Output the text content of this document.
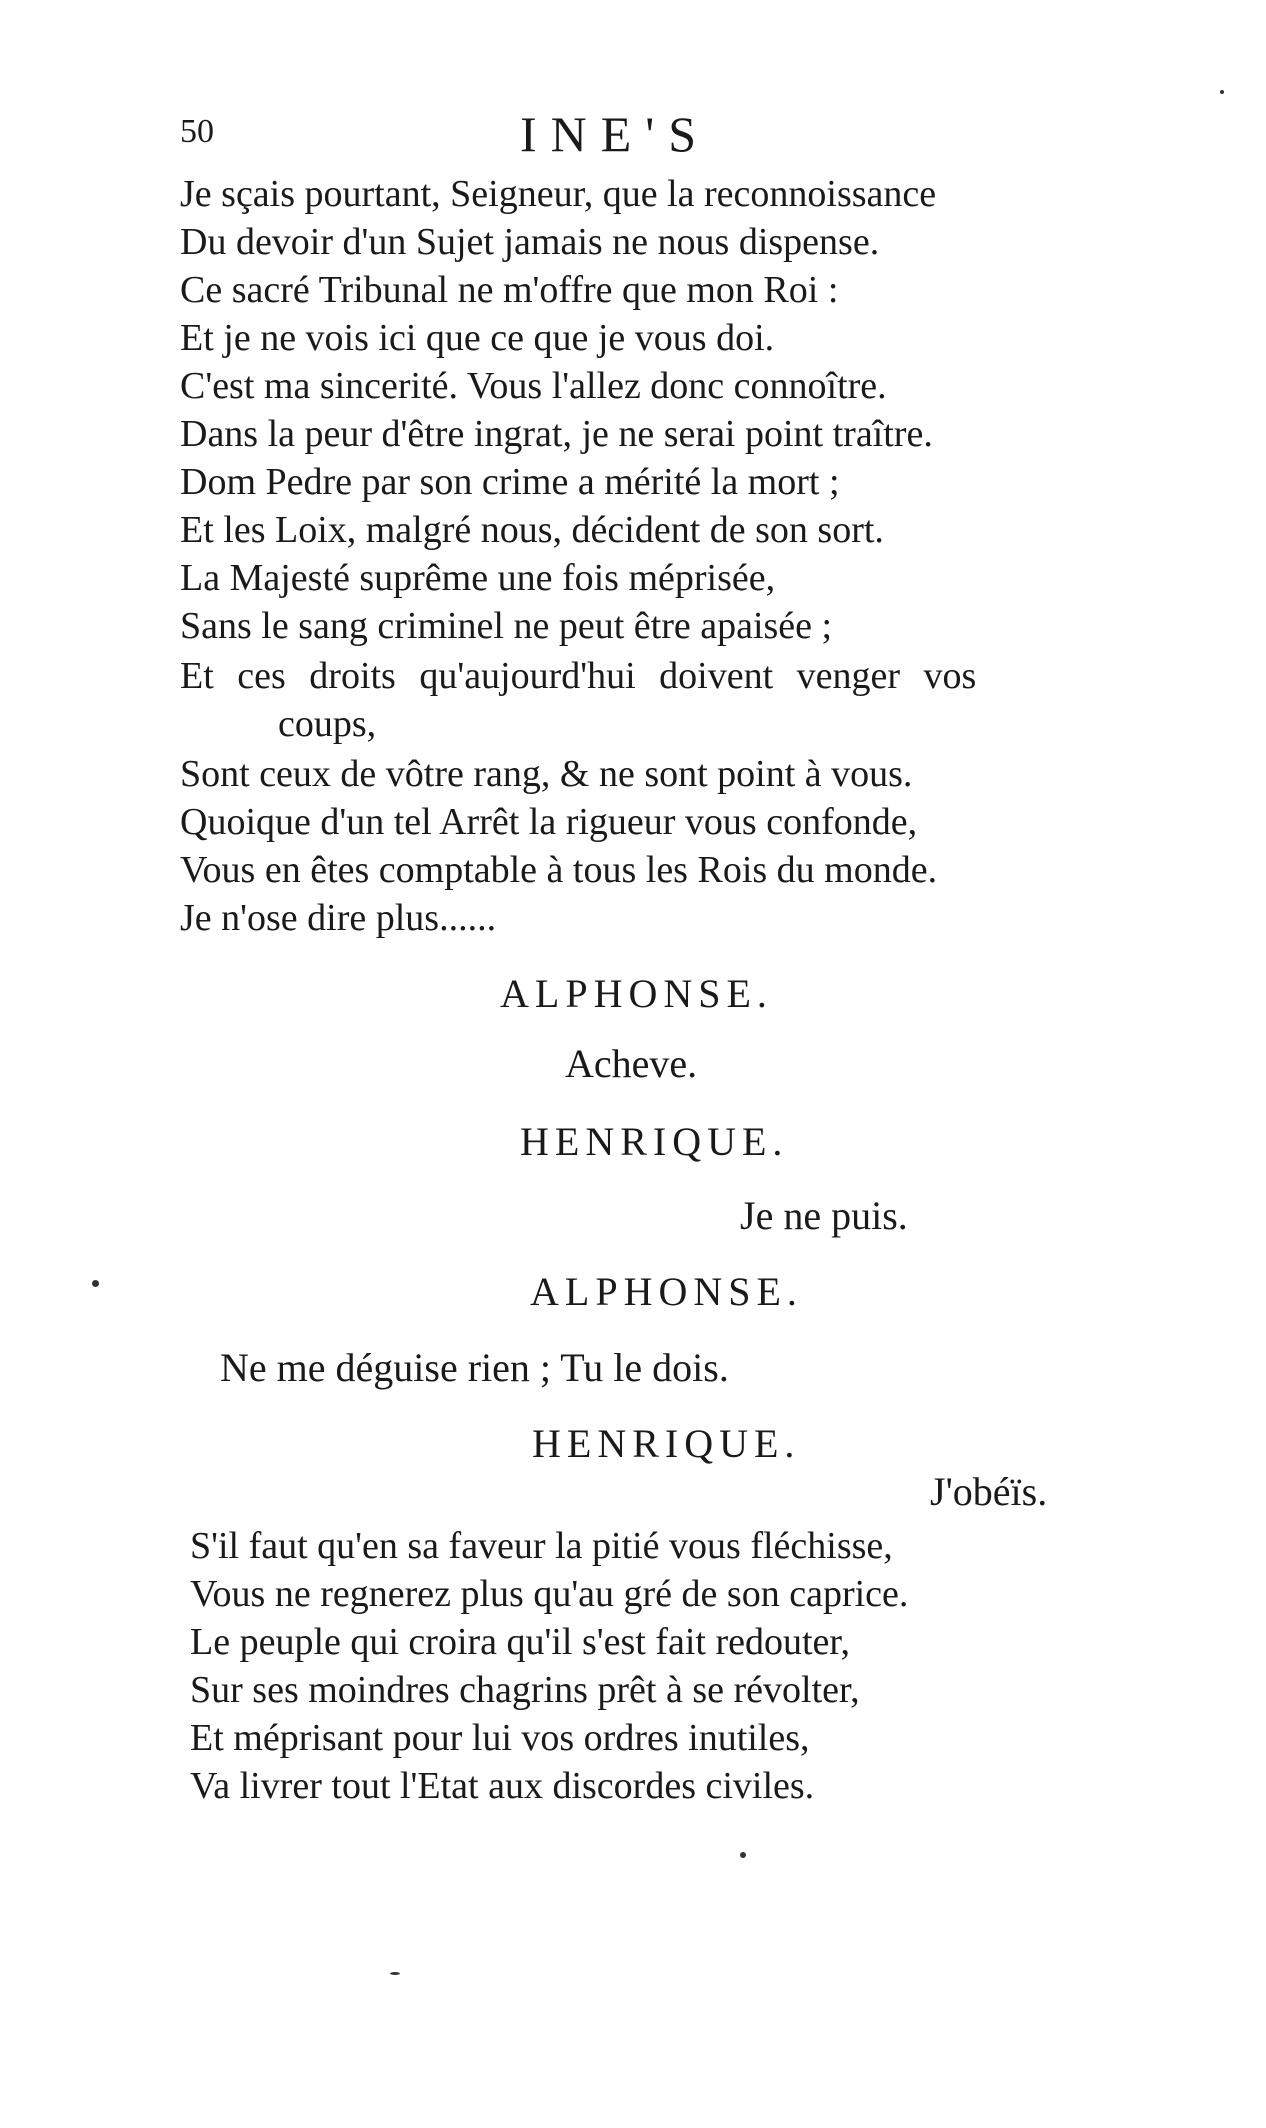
50	INE'S
Je sçais pourtant, Seigneur, que la reconnoissance
Du devoir d'un Sujet jamais ne nous dispense.
Ce sacré Tribunal ne m'offre que mon Roi :
Et je ne vois ici que ce que je vous doi.
C'est ma sincerité. Vous l'allez donc connoître.
Dans la peur d'être ingrat, je ne serai point traître.
Dom Pedre par son crime a mérité la mort ;
Et les Loix, malgré nous, décident de son sort.
La Majesté suprême une fois méprisée,
Sans le sang criminel ne peut être apaisée ;
Et ces droits qu'aujourd'hui doivent venger vos
coups,
Sont ceux de vôtre rang, & ne sont point à vous.
Quoique d'un tel Arrêt la rigueur vous confonde,
Vous en êtes comptable à tous les Rois du monde.
Je n'ose dire plus......
ALPHONSE.
Acheve.
HENRIQUE.
Je ne puis.
ALPHONSE.
Ne me déguise rien ; Tu le dois.
HENRIQUE.
J'obéïs.
S'il faut qu'en sa faveur la pitié vous fléchisse,
Vous ne regnerez plus qu'au gré de son caprice.
Le peuple qui croira qu'il s'est fait redouter,
Sur ses moindres chagrins prêt à se révolter,
Et méprisant pour lui vos ordres inutiles,
Va livrer tout l'Etat aux discordes civiles.
